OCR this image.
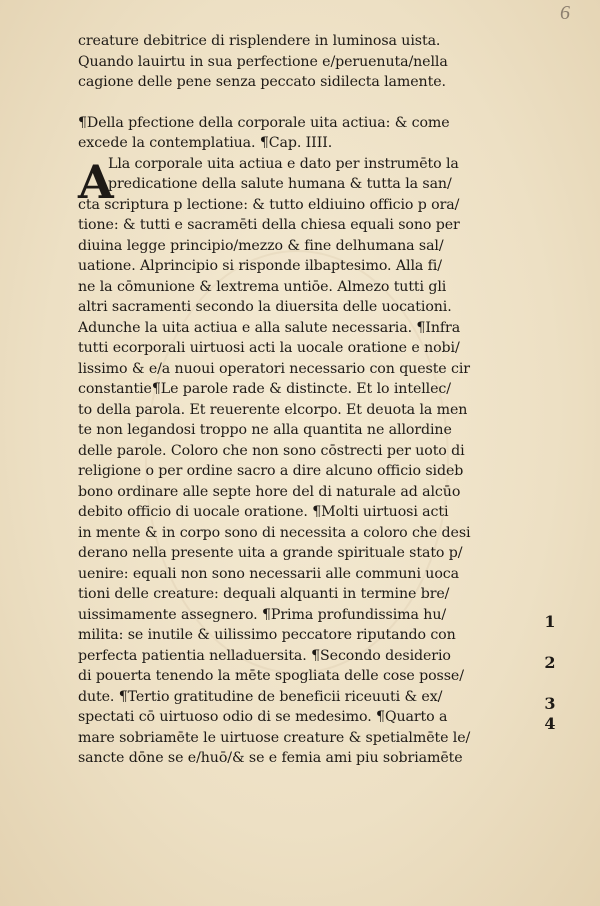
6
A
creature debitrice di risplendere in luminosa uista.
Quando lauirtu in sua perfectione e/peruenuta/nella
cagione delle pene senza peccato sidilecta lamente.
¶Della pfectione della corporale uita actiua: & come
excede la contemplatiua. ¶Cap. IIII.
Lla corporale uita actiua e dato per instrumēto la
predicatione della salute humana & tutta la san/
cta scriptura p lectione: & tutto eldiuino officio p ora/
tione: & tutti e sacramēti della chiesa equali sono per
diuina legge principio/mezzo & fine delhumana sal/
uatione. Alprincipio si risponde ilbaptesimo. Alla fi/
ne la cōmunione & lextrema untiōe. Almezo tutti gli
altri sacramenti secondo la diuersita delle uocationi.
Adunche la uita actiua e alla salute necessaria. ¶Infra
tutti ecorporali uirtuosi acti la uocale oratione e nobi/
lissimo & e/a nuoui operatori necessario con queste cir
constantie¶Le parole rade & distincte. Et lo intellec/
to della parola. Et reuerente elcorpo. Et deuota la men
te non legandosi troppo ne alla quantita ne allordine
delle parole. Coloro che non sono cōstrecti per uoto di
religione o per ordine sacro a dire alcuno officio sideb
bono ordinare alle septe hore del di naturale ad alcūo
debito officio di uocale oratione. ¶Molti uirtuosi acti
in mente & in corpo sono di necessita a coloro che desi
derano nella presente uita a grande spirituale stato p/
uenire: equali non sono necessarii alle communi uoca
tioni delle creature: dequali alquanti in termine bre/
uissimamente assegnero. ¶Prima profundissima hu/
milita: se inutile & uilissimo peccatore riputando con
perfecta patientia nelladuersita. ¶Secondo desiderio
di pouerta tenendo la mēte spogliata delle cose posse/
dute. ¶Tertio gratitudine de beneficii riceuuti & ex/
spectati cō uirtuoso odio di se medesimo. ¶Quarto a
mare sobriamēte le uirtuose creature & spetialmēte le/
sancte dōne se e/huō/& se e femia ami piu sobriamēte
1
2
3
4
